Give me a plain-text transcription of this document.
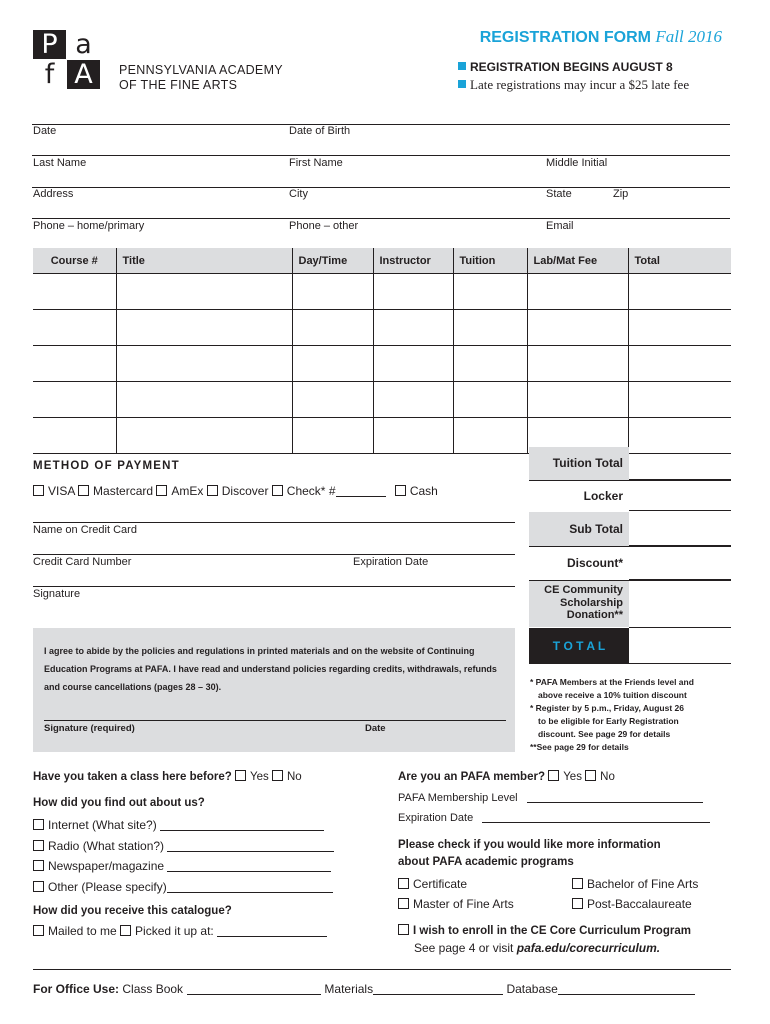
P a
f A	PENNSYLVANIA ACADEMY
OF THE FINE ARTS
REGISTRATION FORM Fall 2016
REGISTRATION BEGINS AUGUST 8
Late registrations may incur a $25 late fee
Date	Date of Birth
Last Name	First Name	Middle Initial
Address	City	State	Zip
Phone – home/primary	Phone – other	Email
Course #	Title	Day/Time	Instructor	Tuition	Lab/Mat Fee	Total

METHOD OF PAYMENT
VISA Mastercard AmEx Discover Check* #	Cash
Name on Credit Card
Credit Card Number	Expiration Date
Signature

I agree to abide by the policies and regulations in printed materials and on the website of Continuing Education Programs at PAFA. I have read and understand policies regarding credits, withdrawals, refunds and course cancellations (pages 28 – 30).

Signature (required)	Date
Tuition Total
Locker
Sub Total
Discount*
CE Community
Scholarship
Donation**
T O T A L
* PAFA Members at the Friends level and
above receive a 10% tuition discount
* Register by 5 p.m., Friday, August 26
to be eligible for Early Registration
discount. See page 29 for details
**See page 29 for details
Have you taken a class here before? Yes No
How did you find out about us?
Internet (What site?)
Radio (What station?)
Newspaper/magazine
Other (Please specify)
How did you receive this catalogue?
Mailed to me Picked it up at:
Are you an PAFA member? Yes No
PAFA Membership Level
Expiration Date
Please check if you would like more information
about PAFA academic programs
Certificate	Bachelor of Fine Arts
Master of Fine Arts	Post-Baccalaureate
I wish to enroll in the CE Core Curriculum Program
See page 4 or visit pafa.edu/corecurriculum.
For Office Use: Class Book	Materials	Database
